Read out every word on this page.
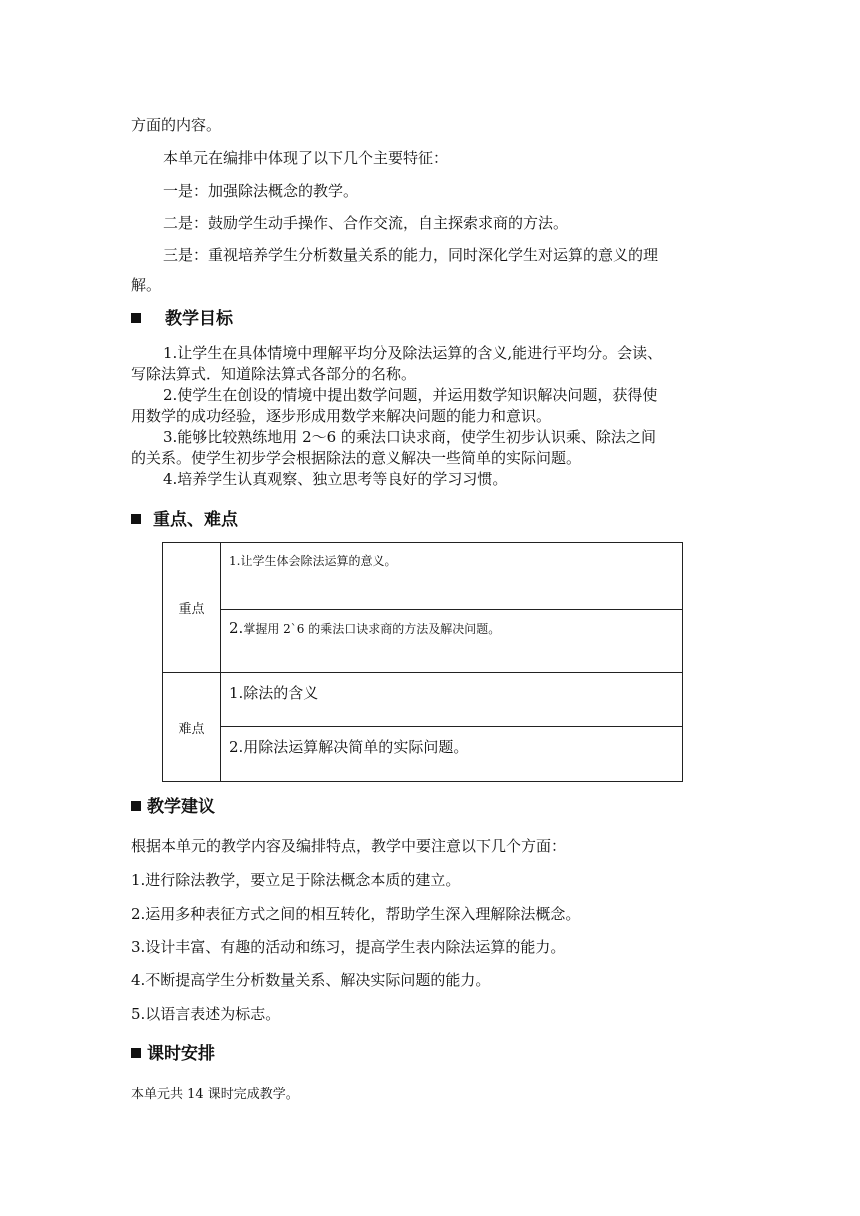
方面的内容。
本单元在编排中体现了以下几个主要特征：
一是：加强除法概念的教学。
二是：鼓励学生动手操作、合作交流，自主探索求商的方法。
三是：重视培养学生分析数量关系的能力，同时深化学生对运算的意义的理
解。
教学目标
1.让学生在具体情境中理解平均分及除法运算的含义,能进行平均分。会读、
写除法算式．知道除法算式各部分的名称。
2.使学生在创设的情境中提出数学问题，并运用数学知识解决问题，获得使
用数学的成功经验，逐步形成用数学来解决问题的能力和意识。
3.能够比较熟练地用 2～6 的乘法口诀求商，使学生初步认识乘、除法之间
的关系。使学生初步学会根据除法的意义解决一些简单的实际问题。
4.培养学生认真观察、独立思考等良好的学习习惯。
重点、难点
重点	1.让学生体会除法运算的意义。

	2.掌握用 2`6 的乘法口诀求商的方法及解决问题。

难点	1.除法的含义

	2.用除法运算解决简单的实际问题。
教学建议
根据本单元的教学内容及编排特点，教学中要注意以下几个方面：
1.进行除法教学，要立足于除法概念本质的建立。
2.运用多种表征方式之间的相互转化，帮助学生深入理解除法概念。
3.设计丰富、有趣的活动和练习，提高学生表内除法运算的能力。
4.不断提高学生分析数量关系、解决实际问题的能力。
5.以语言表述为标志。
课时安排
本单元共 14 课时完成教学。
